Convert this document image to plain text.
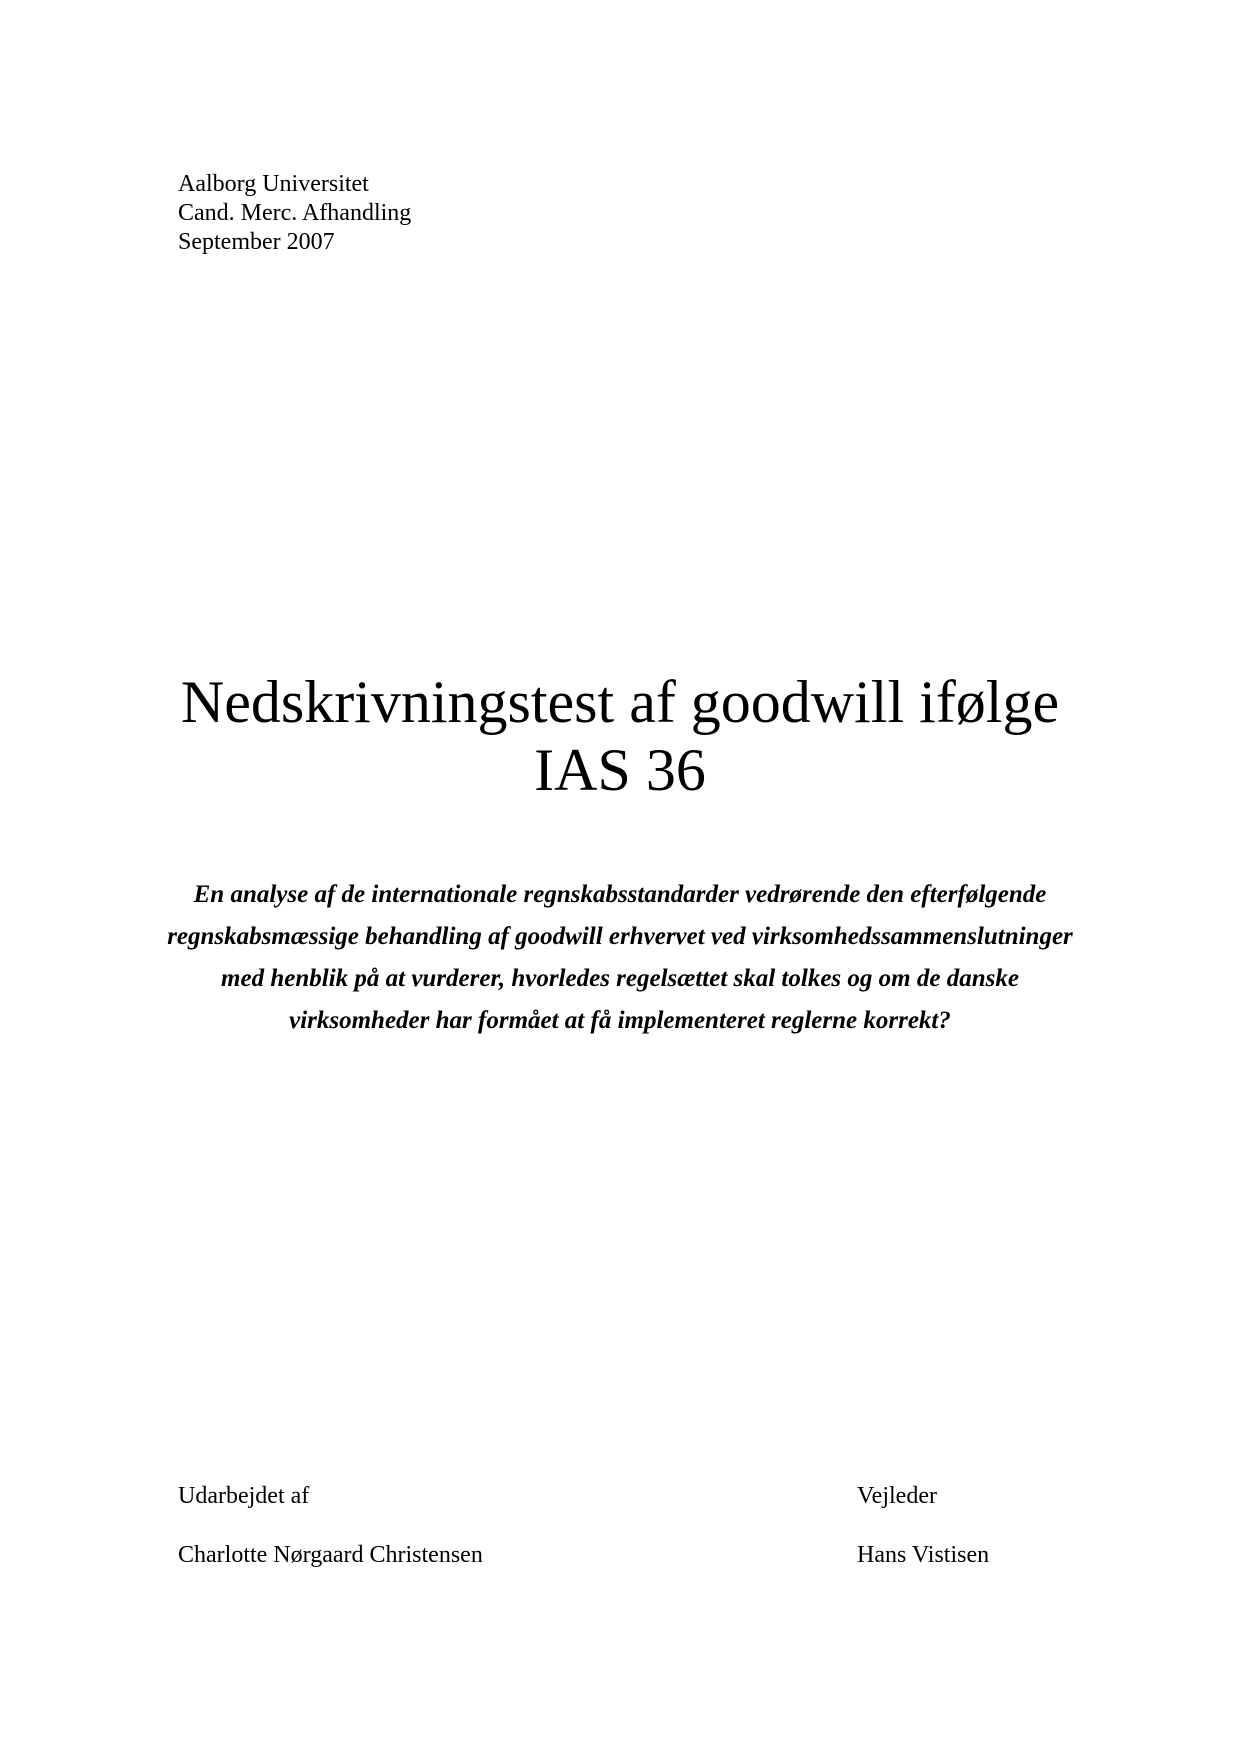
Aalborg Universitet
Cand. Merc. Afhandling
September 2007
Nedskrivningstest af goodwill ifølge
IAS 36
En analyse af de internationale regnskabsstandarder vedrørende den efterfølgende
regnskabsmæssige behandling af goodwill erhvervet ved virksomhedssammenslutninger
med henblik på at vurderer, hvorledes regelsættet skal tolkes og om de danske
virksomheder har formået at få implementeret reglerne korrekt?
Udarbejdet af
Charlotte Nørgaard Christensen
Vejleder
Hans Vistisen
